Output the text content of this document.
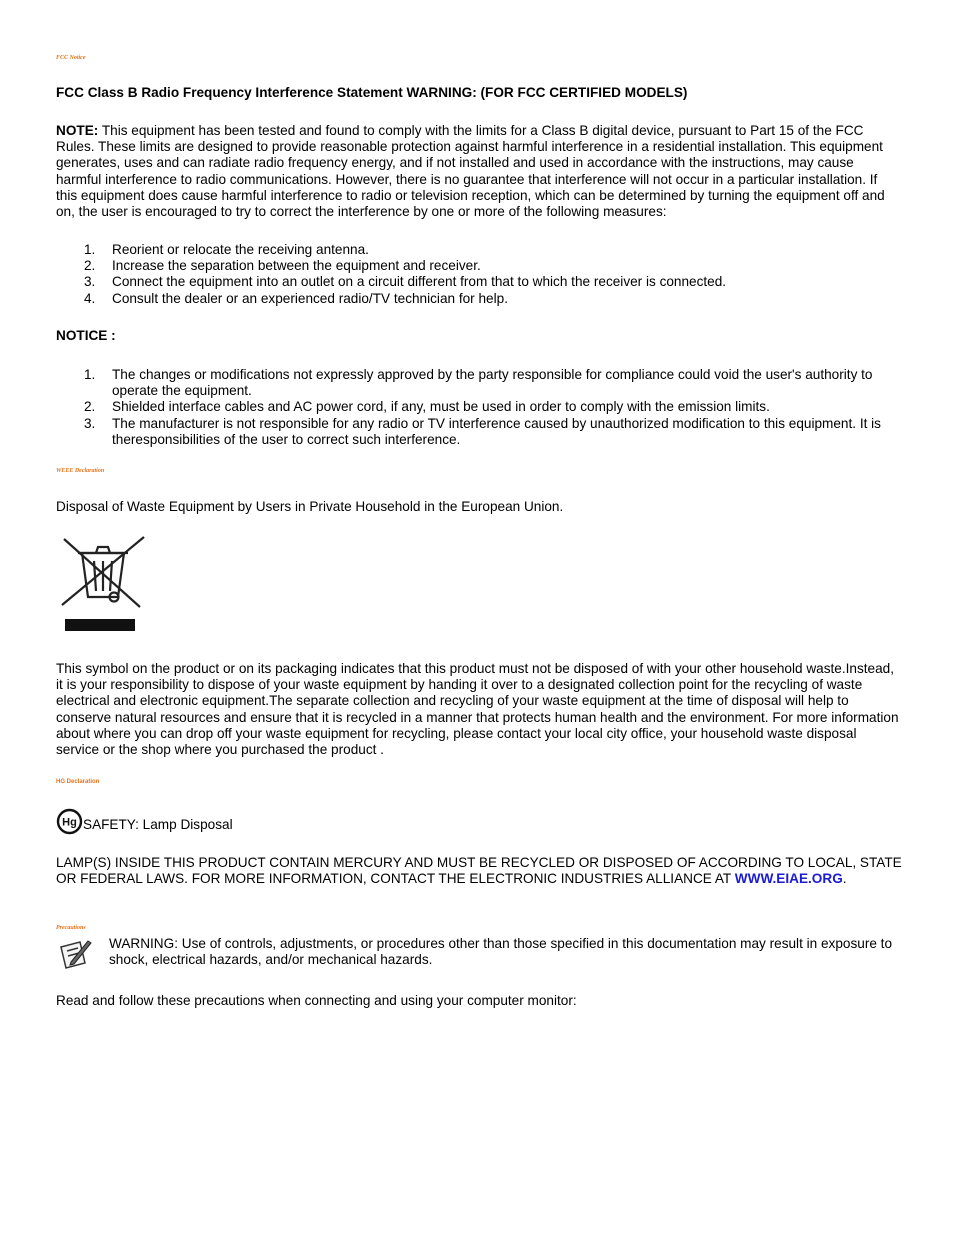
FCC Notice
FCC Class B Radio Frequency Interference Statement WARNING: (FOR FCC CERTIFIED MODELS)
NOTE: This equipment has been tested and found to comply with the limits for a Class B digital device, pursuant to Part 15 of the FCC Rules. These limits are designed to provide reasonable protection against harmful interference in a residential installation. This equipment generates, uses and can radiate radio frequency energy, and if not installed and used in accordance with the instructions, may cause harmful interference to radio communications. However, there is no guarantee that interference will not occur in a particular installation. If this equipment does cause harmful interference to radio or television reception, which can be determined by turning the equipment off and on, the user is encouraged to try to correct the interference by one or more of the following measures:
1. Reorient or relocate the receiving antenna.
2. Increase the separation between the equipment and receiver.
3. Connect the equipment into an outlet on a circuit different from that to which the receiver is connected.
4. Consult the dealer or an experienced radio/TV technician for help.
NOTICE :
1. The changes or modifications not expressly approved by the party responsible for compliance could void the user's authority to operate the equipment.
2. Shielded interface cables and AC power cord, if any, must be used in order to comply with the emission limits.
3. The manufacturer is not responsible for any radio or TV interference caused by unauthorized modification to this equipment. It is theresponsibilities of the user to correct such interference.
WEEE Declaration
Disposal of Waste Equipment by Users in Private Household in the European Union.
This symbol on the product or on its packaging indicates that this product must not be disposed of with your other household waste.Instead, it is your responsibility to dispose of your waste equipment by handing it over to a designated collection point for the recycling of waste electrical and electronic equipment.The separate collection and recycling of your waste equipment at the time of disposal will help to conserve natural resources and ensure that it is recycled in a manner that protects human health and the environment. For more information about where you can drop off your waste equipment for recycling, please contact your local city office, your household waste disposal service or the shop where you purchased the product .
HG Declaration
Hg SAFETY: Lamp Disposal
LAMP(S) INSIDE THIS PRODUCT CONTAIN MERCURY AND MUST BE RECYCLED OR DISPOSED OF ACCORDING TO LOCAL, STATE OR FEDERAL LAWS. FOR MORE INFORMATION, CONTACT THE ELECTRONIC INDUSTRIES ALLIANCE AT WWW.EIAE.ORG.
Precautions
WARNING: Use of controls, adjustments, or procedures other than those specified in this documentation may result in exposure to shock, electrical hazards, and/or mechanical hazards.
Read and follow these precautions when connecting and using your computer monitor:
